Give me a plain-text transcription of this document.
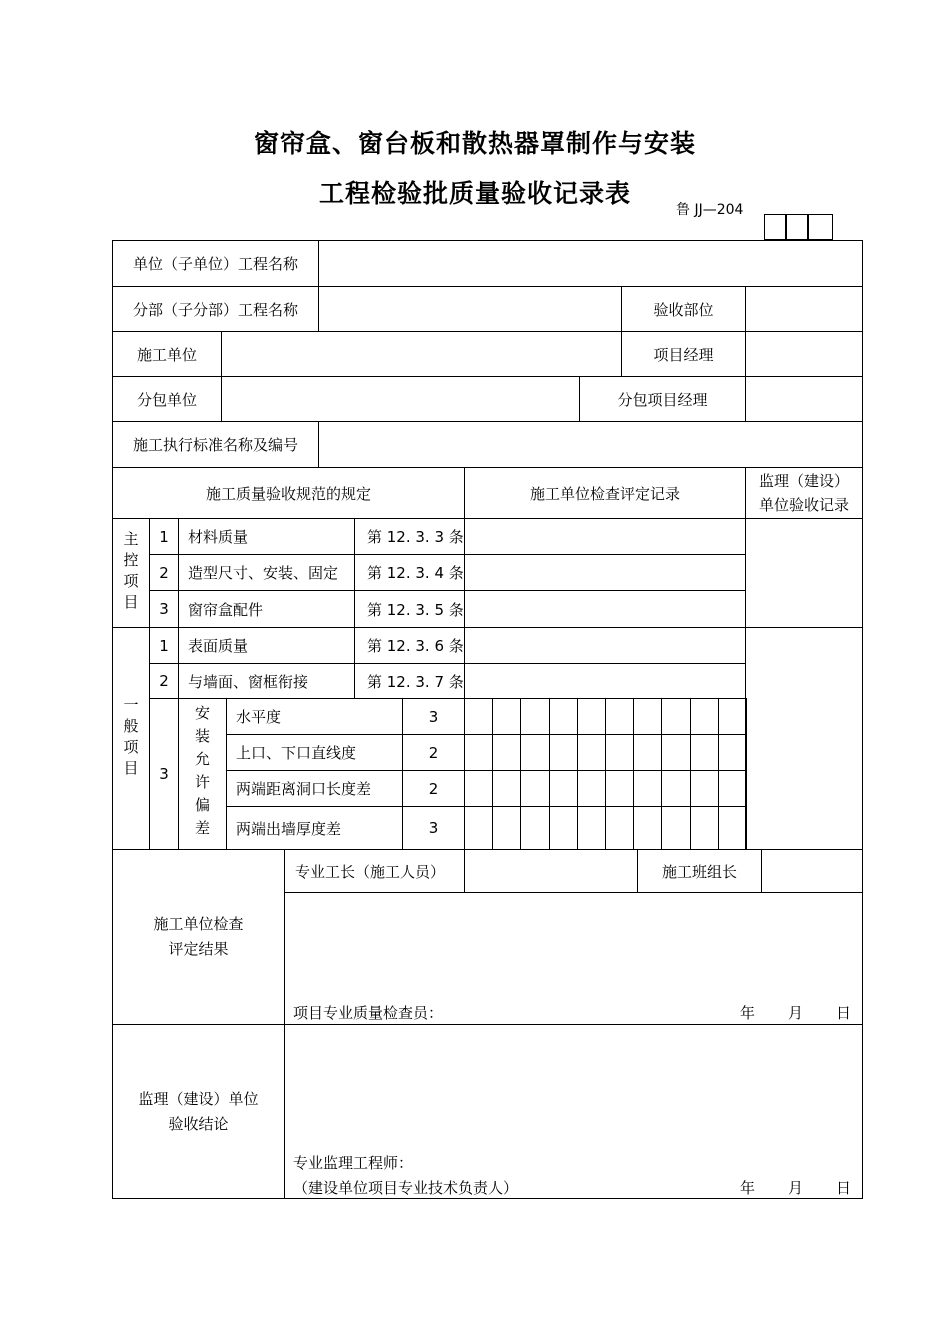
窗帘盒、窗台板和散热器罩制作与安装
工程检验批质量验收记录表
鲁 JJ—204
单位（子单位）工程名称
分部（子分部）工程名称	验收部位
施工单位	项目经理
分包单位	分包项目经理
施工执行标准名称及编号
施工质量验收规范的规定	施工单位检查评定记录
监理（建设）
单位验收记录
主控项目	1	材料质量	第 12. 3. 3 条
2	造型尺寸、安装、固定	第 12. 3. 4 条
3	窗帘盒配件	第 12. 3. 5 条
一般项目
1	表面质量	第 12. 3. 6 条
2	与墙面、窗框衔接	第 12. 3. 7 条
3	安装允许偏差	水平度	3
上口、下口直线度	2
两端距离洞口长度差	2
两端出墙厚度差	3
施工单位检查
评定结果
专业工长（施工人员）	施工班组长
项目专业质量检查员：	年 月 日
监理（建设）单位
验收结论
专业监理工程师：
（建设单位项目专业技术负责人）	年 月 日
